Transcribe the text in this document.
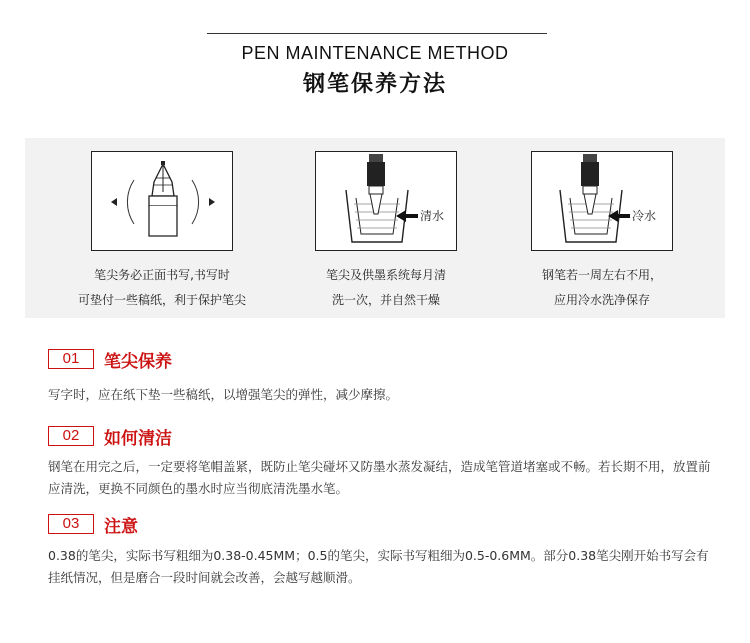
PEN MAINTENANCE METHOD
钢笔保养方法
清水	冷水
笔尖务必正面书写,书写时
可垫付一些稿纸，利于保护笔尖
笔尖及供墨系统每月清
洗一次，并自然干燥
钢笔若一周左右不用，
应用冷水洗净保存
01	笔尖保养
写字时，应在纸下垫一些稿纸，以增强笔尖的弹性，减少摩擦。
02	如何清洁
钢笔在用完之后，一定要将笔帽盖紧，既防止笔尖碰坏又防墨水蒸发凝结，造成笔管道堵塞或不畅。若长期不用，放置前应清洗，更换不同颜色的墨水时应当彻底清洗墨水笔。
03	注意
0.38的笔尖，实际书写粗细为0.38-0.45MM；0.5的笔尖，实际书写粗细为0.5-0.6MM。部分0.38笔尖刚开始书写会有挂纸情况，但是磨合一段时间就会改善，会越写越顺滑。
